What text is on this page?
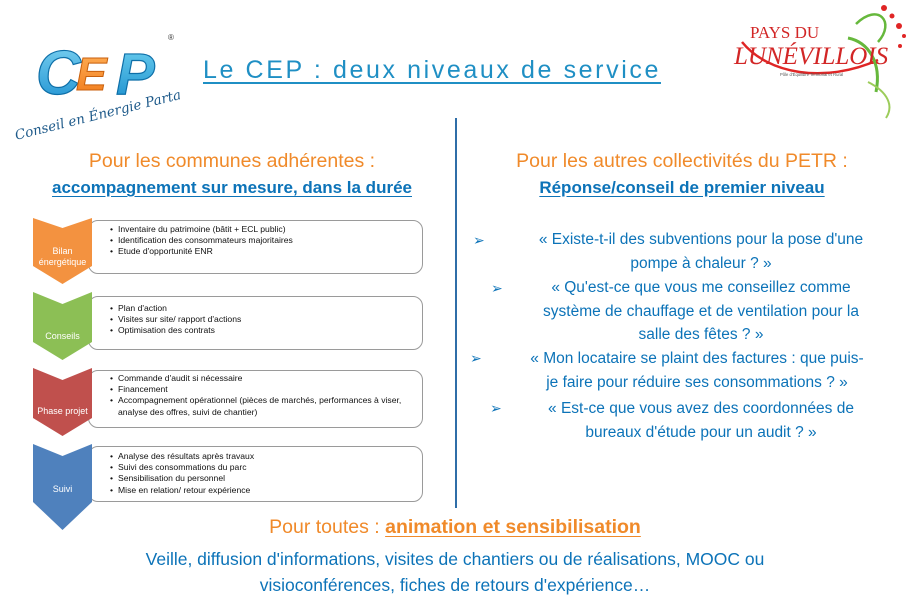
C
E P
®
Conseil en Énergie Partagé
PAYS DU
LUNÉVILLOIS
Pôle d'Équilibre Territorial et Rural
Le CEP : deux niveaux de service
Pour les communes adhérentes :
accompagnement sur mesure, dans la durée
• Inventaire du patrimoine (bâtit + ECL public)
• Identification des consommateurs majoritaires
• Etude d'opportunité ENR
• Plan d'action
• Visites sur site/ rapport d'actions
• Optimisation des contrats
• Commande d'audit si nécessaire
• Financement
• Accompagnement opérationnel (pièces de marchés, performances à viser, analyse des offres, suivi de chantier)
• Analyse des résultats après travaux
• Suivi des consommations du parc
• Sensibilisation du personnel
• Mise en relation/ retour expérience
Bilan
énergétique
Conseils
Phase projet
Suivi
Pour les autres collectivités du PETR :
Réponse/conseil de premier niveau
➢	« Existe-t-il des subventions pour la pose d'une
pompe à chaleur ? »
➢	« Qu'est-ce que vous me conseillez comme
système de chauffage et de ventilation pour la
salle des fêtes ? »
➢	« Mon locataire se plaint des factures : que puis-
je faire pour réduire ses consommations ? »
➢	« Est-ce que vous avez des coordonnées de
bureaux d'étude pour un audit ? »
Pour toutes : animation et sensibilisation
Veille, diffusion d'informations, visites de chantiers ou de réalisations, MOOC ou
visioconférences, fiches de retours d'expérience…
